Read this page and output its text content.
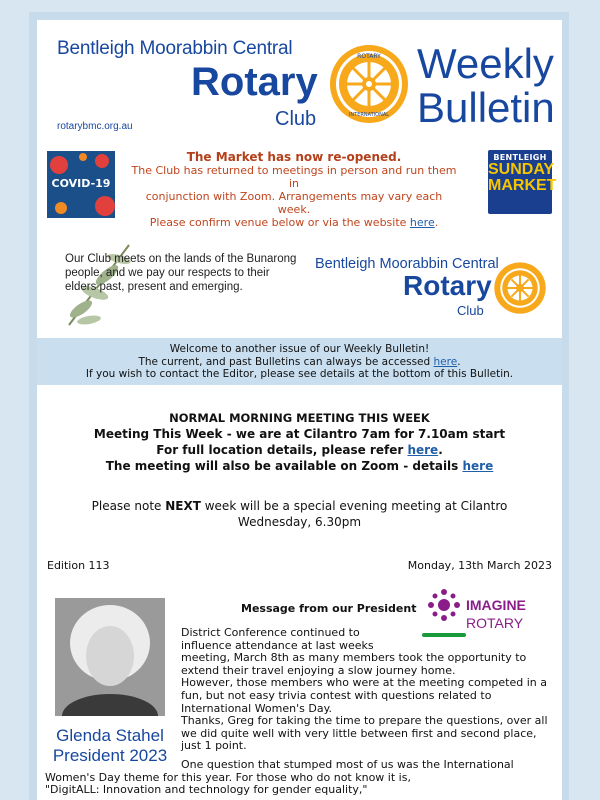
Bentleigh Moorabbin Central
Rotary
Club
rotarybmc.org.au
ROTARY
INTERNATIONAL
Weekly
Bulletin
COVID-19
The Market has now re-opened.
The Club has returned to meetings in person and run them in
conjunction with Zoom. Arrangements may vary each week.
Please confirm venue below or via the website here.
BENTLEIGH
SUNDAY
MARKET
Our Club meets on the lands of the Bunarong
people, and we pay our respects to their
elders past, present and emerging.
Bentleigh Moorabbin Central
Rotary
Club
Welcome to another issue of our Weekly Bulletin!
The current, and past Bulletins can always be accessed here.
If you wish to contact the Editor, please see details at the bottom of this Bulletin.
NORMAL MORNING MEETING THIS WEEK
Meeting This Week - we are at Cilantro 7am for 7.10am start
For full location details, please refer here.
The meeting will also be available on Zoom - details here
Please note NEXT week will be a special evening meeting at Cilantro Wednesday, 6.30pm
Edition 113	Monday, 13th March 2023
Glenda Stahel
President 2023
Message from our President	IMAGINE
ROTARY
District Conference continued to
influence attendance at last weeks
meeting, March 8th as many members took the opportunity to extend their travel enjoying a slow journey home.
However, those members who were at the meeting competed in a fun, but not easy trivia contest with questions related to International Women's Day.
Thanks, Greg for taking the time to prepare the questions, over all we did quite well with very little between first and second place, just 1 point.
One question that stumped most of us was the International
Women's Day theme for this year. For those who do not know it is,
"DigitALL: Innovation and technology for gender equality,"
